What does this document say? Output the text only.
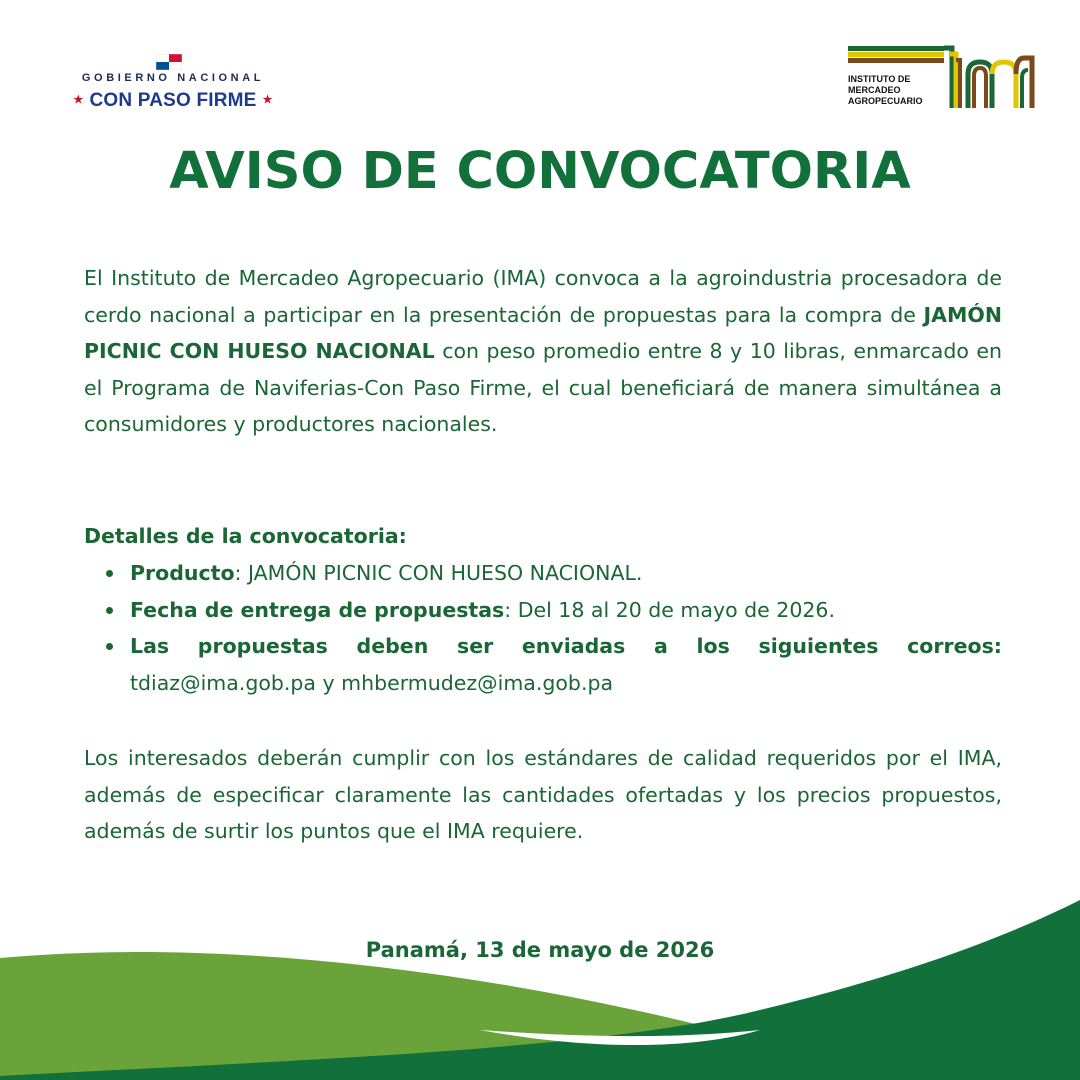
GOBIERNO NACIONAL
★ CON PASO FIRME ★
INSTITUTO DE
MERCADEO
AGROPECUARIO
AVISO DE CONVOCATORIA
El Instituto de Mercadeo Agropecuario (IMA) convoca a la agroindustria procesadora de cerdo nacional a participar en la presentación de propuestas para la compra de JAMÓN PICNIC CON HUESO NACIONAL con peso promedio entre 8 y 10 libras, enmarcado en el Programa de Naviferias-Con Paso Firme, el cual beneficiará de manera simultánea a consumidores y productores nacionales.
Detalles de la convocatoria:
Producto: JAMÓN PICNIC CON HUESO NACIONAL.
Fecha de entrega de propuestas: Del 18 al 20 de mayo de 2026.
Las propuestas deben ser enviadas a los siguientes correos: tdiaz@ima.gob.pa y mhbermudez@ima.gob.pa
Los interesados deberán cumplir con los estándares de calidad requeridos por el IMA, además de especificar claramente las cantidades ofertadas y los precios propuestos, además de surtir los puntos que el IMA requiere.
Panamá, 13 de mayo de 2026
